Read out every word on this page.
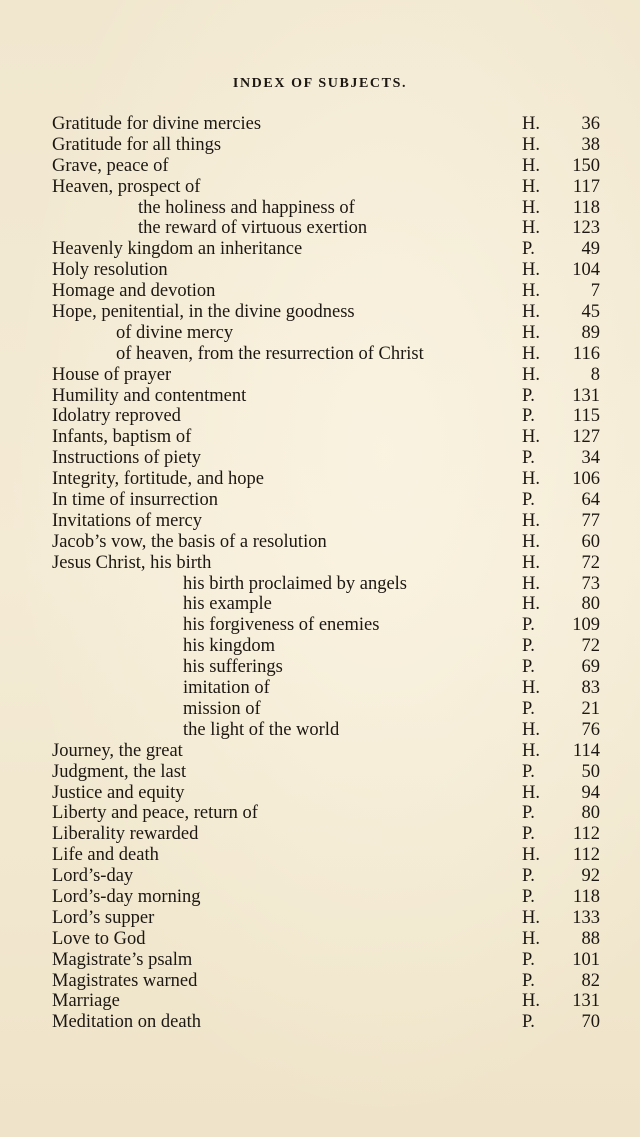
INDEX OF SUBJECTS.
Gratitude for divine mercies	H.	36
Gratitude for all things	H.	38
Grave, peace of	H.	150
Heaven, prospect of	H.	117
the holiness and happiness of	H.	118
the reward of virtuous exertion	H.	123
Heavenly kingdom an inheritance	P.	49
Holy resolution	H.	104
Homage and devotion	H.	7
Hope, penitential, in the divine goodness	H.	45
of divine mercy	H.	89
of heaven, from the resurrection of Christ	H.	116
House of prayer	H.	8
Humility and contentment	P.	131
Idolatry reproved	P.	115
Infants, baptism of	H.	127
Instructions of piety	P.	34
Integrity, fortitude, and hope	H.	106
In time of insurrection	P.	64
Invitations of mercy	H.	77
Jacob’s vow, the basis of a resolution	H.	60
Jesus Christ, his birth	H.	72
his birth proclaimed by angels	H.	73
his example	H.	80
his forgiveness of enemies	P.	109
his kingdom	P.	72
his sufferings	P.	69
imitation of	H.	83
mission of	P.	21
the light of the world	H.	76
Journey, the great	H.	114
Judgment, the last	P.	50
Justice and equity	H.	94
Liberty and peace, return of	P.	80
Liberality rewarded	P.	112
Life and death	H.	112
Lord’s-day	P.	92
Lord’s-day morning	P.	118
Lord’s supper	H.	133
Love to God	H.	88
Magistrate’s psalm	P.	101
Magistrates warned	P.	82
Marriage	H.	131
Meditation on death	P.	70
